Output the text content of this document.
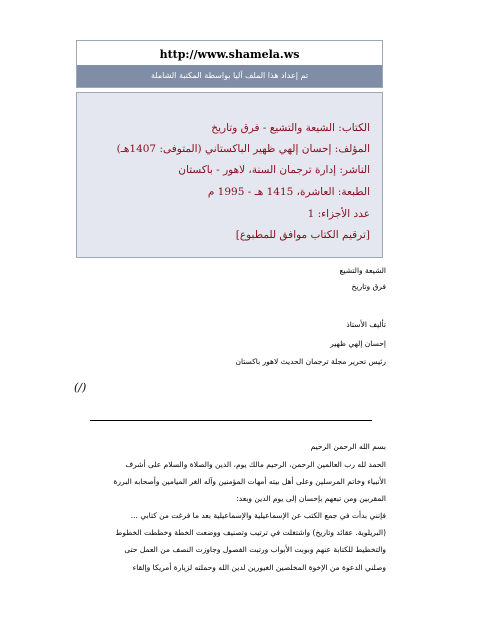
http://www.shamela.ws
تم إعداد هذا الملف آليا بواسطة المكتبة الشاملة
الكتاب: الشيعة والتشيع - فرق وتاريخ
المؤلف: إحسان إلهي ظهير الباكستاني (المتوفى: 1407هـ)
الناشر: إدارة ترجمان السنة، لاهور - باكستان
الطبعة: العاشرة، 1415 هـ - 1995 م
عدد الأجزاء: 1
[ترقيم الكتاب موافق للمطبوع]
الشيعة والتشيع
فرق وتاريخ
تأليف الأستاذ
إحسان إلهي ظهير
رئيس تحرير مجلة ترجمان الحديث لاهور باكستان
(/)
بسم الله الرحمن الرحيم
الحمد لله رب العالمين الرحمن، الرحيم مالك يوم، الدين والصلاة والسلام على أشرف
الأنبياء وخاتم المرسلين وعلى أهل بيته أمهات المؤمنين وآله الغر الميامين وأصحابه البررة
المقربين ومن تبعهم بإحسان إلى يوم الدين وبعد:
فإنني بدأت في جمع الكتب عن الإسماعيلية والإسماعيلية بعد ما فرغت من كتابي ...
(البريلوية. عقائد وتاريخ) واشتغلت في ترتيب وتصنيف ووضعت الخطة وخططت الخطوط
والتخطيط للكتابة عنهم وبوبت الأبواب ورتبت الفصول وجاوزت النصف من العمل حتى
وصلني الدعوة من الإخوة المخلصين الغيورين لدين الله وحملته لزيارة أمريكا وإلقاء
